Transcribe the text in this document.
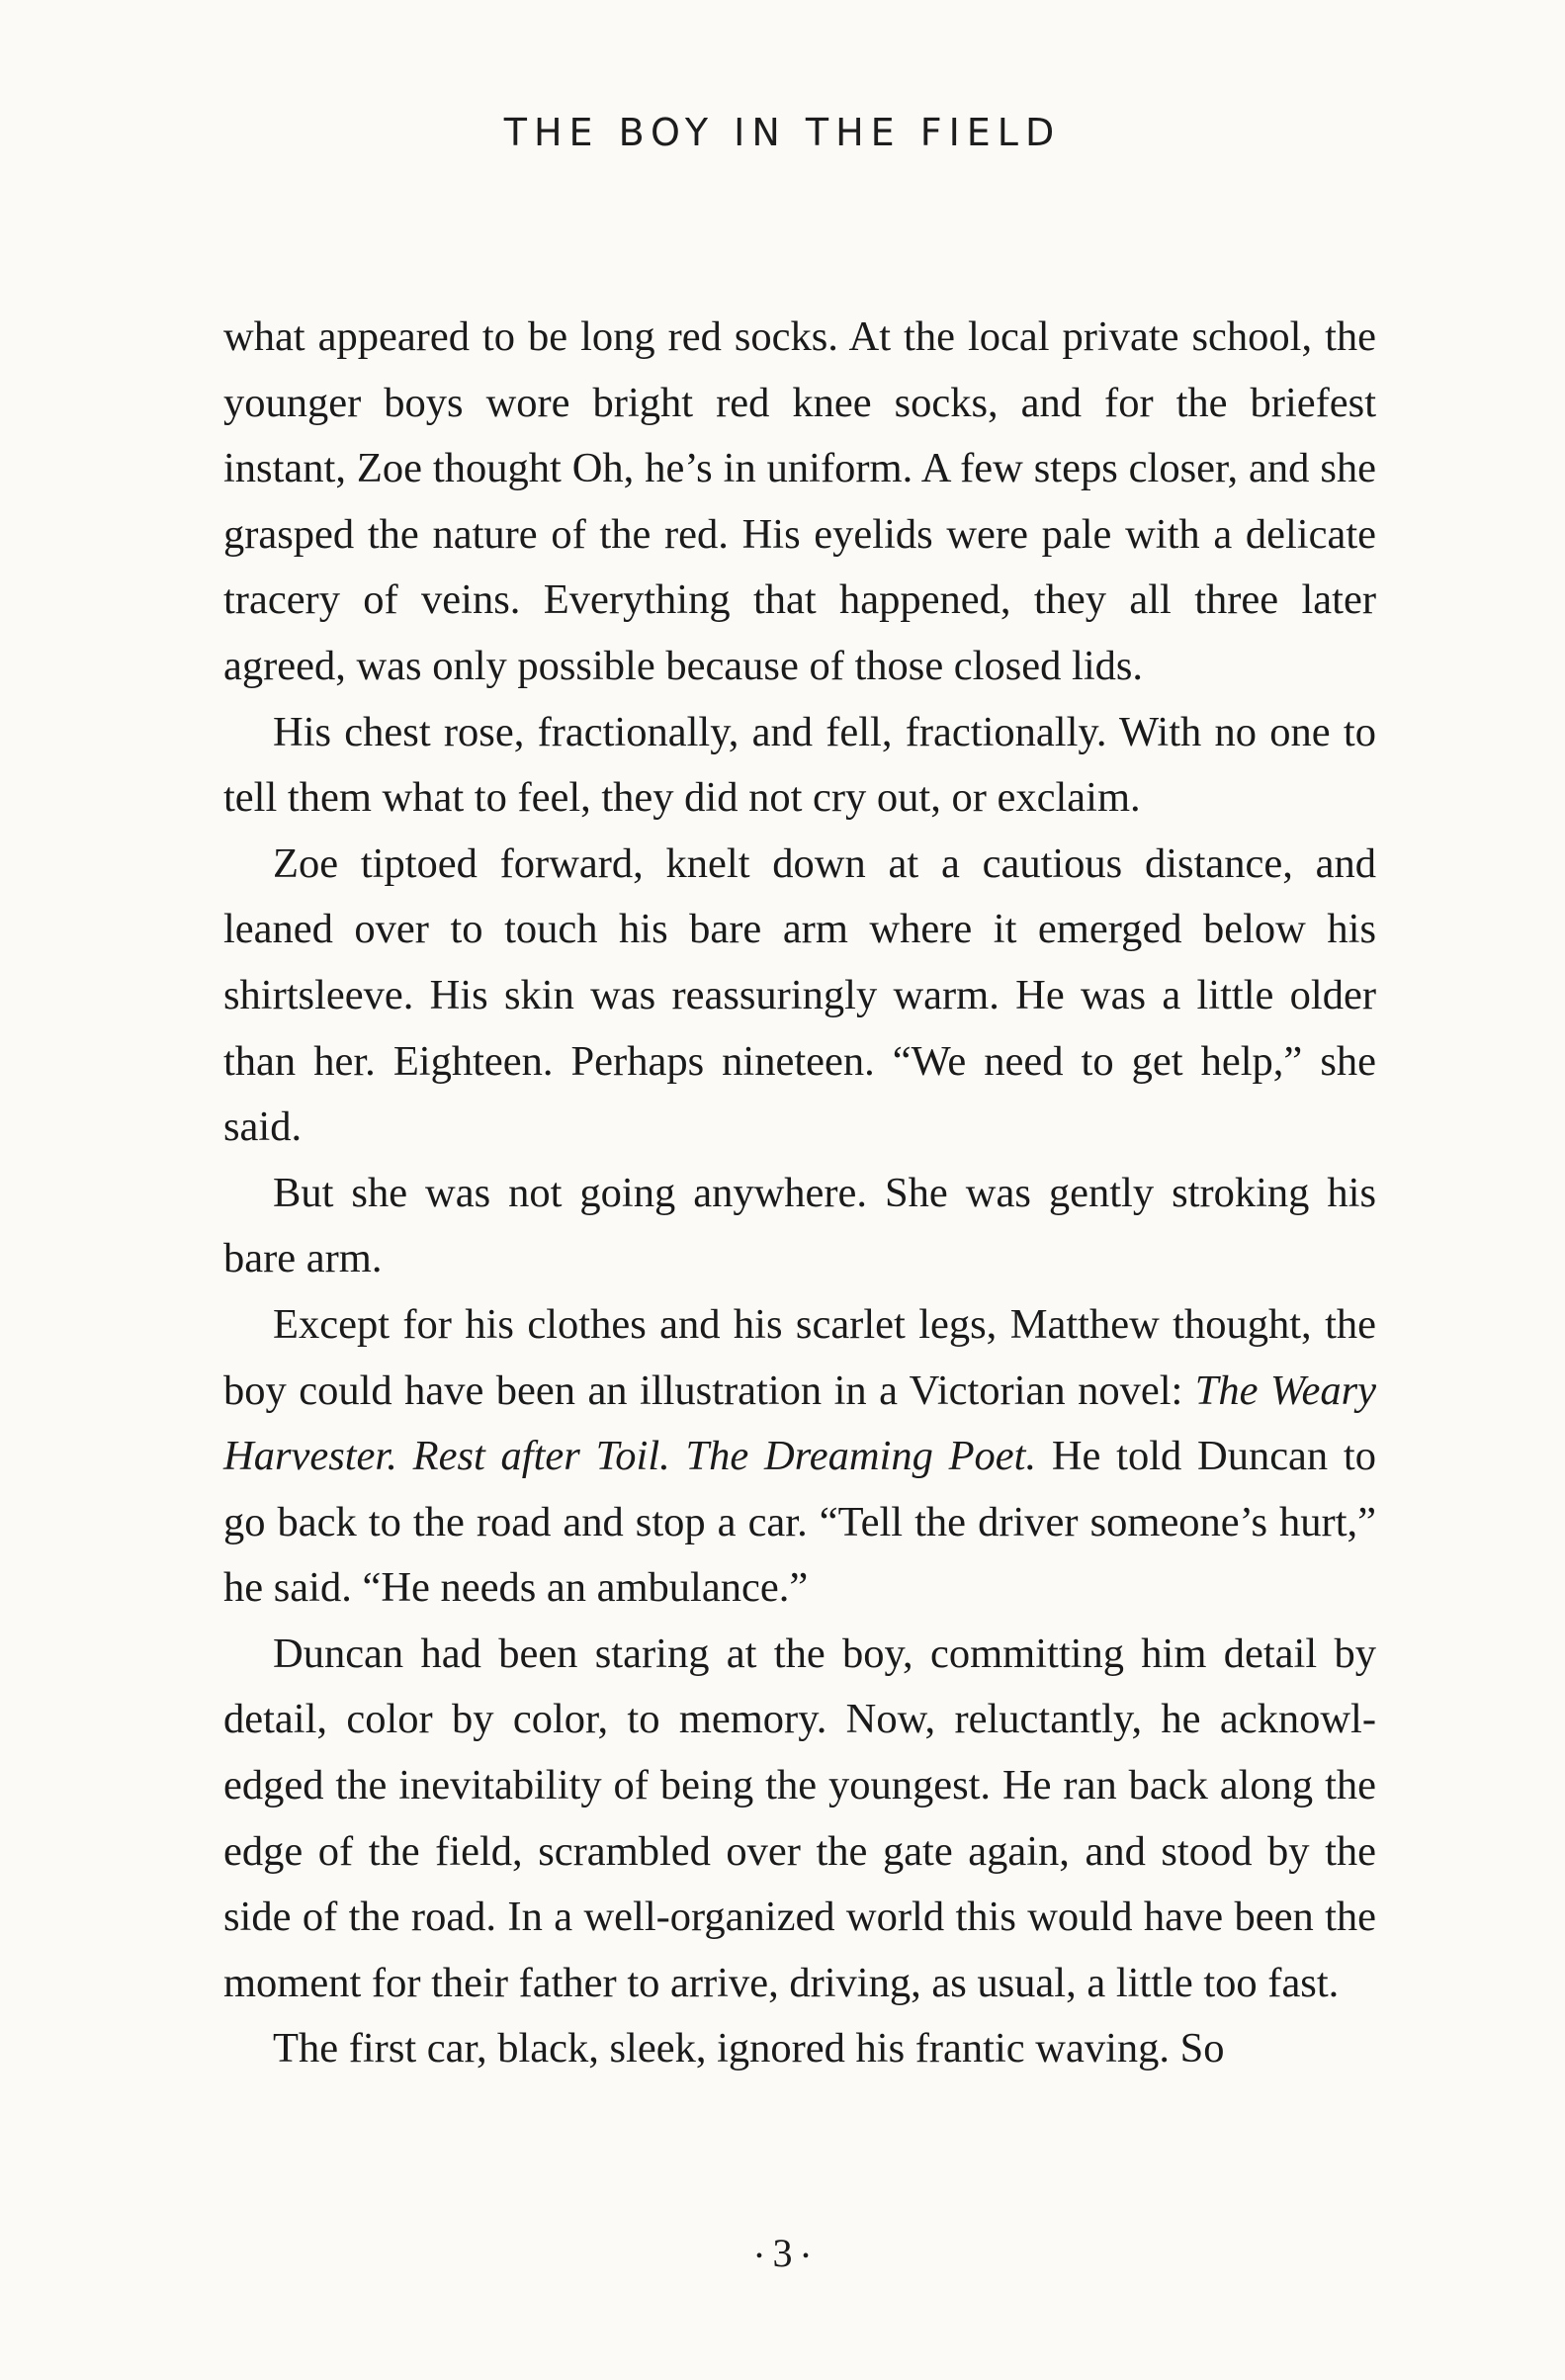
THE BOY IN THE FIELD

what appeared to be long red socks. At the local private school, the younger boys wore bright red knee socks, and for the briefest instant, Zoe thought Oh, he’s in uniform. A few steps closer, and she grasped the nature of the red. His eyelids were pale with a delicate tracery of veins. Everything that happened, they all three later agreed, was only possible because of those closed lids.

His chest rose, fractionally, and fell, fractionally. With no one to tell them what to feel, they did not cry out, or exclaim.

Zoe tiptoed forward, knelt down at a cautious distance, and leaned over to touch his bare arm where it emerged below his shirtsleeve. His skin was reassuringly warm. He was a little older than her. Eighteen. Perhaps nineteen. “We need to get help,” she said.

But she was not going anywhere. She was gently stroking his bare arm.

Except for his clothes and his scarlet legs, Matthew thought, the boy could have been an illustration in a Victorian novel: The Weary Harvester. Rest after Toil. The Dreaming Poet. He told Duncan to go back to the road and stop a car. “Tell the driver someone’s hurt,” he said. “He needs an ambulance.”

Duncan had been staring at the boy, committing him detail by detail, color by color, to memory. Now, reluctantly, he acknowledged the inevitability of being the youngest. He ran back along the edge of the field, scrambled over the gate again, and stood by the side of the road. In a well-organized world this would have been the moment for their father to arrive, driving, as usual, a little too fast.

The first car, black, sleek, ignored his frantic waving. So

• 3 •
